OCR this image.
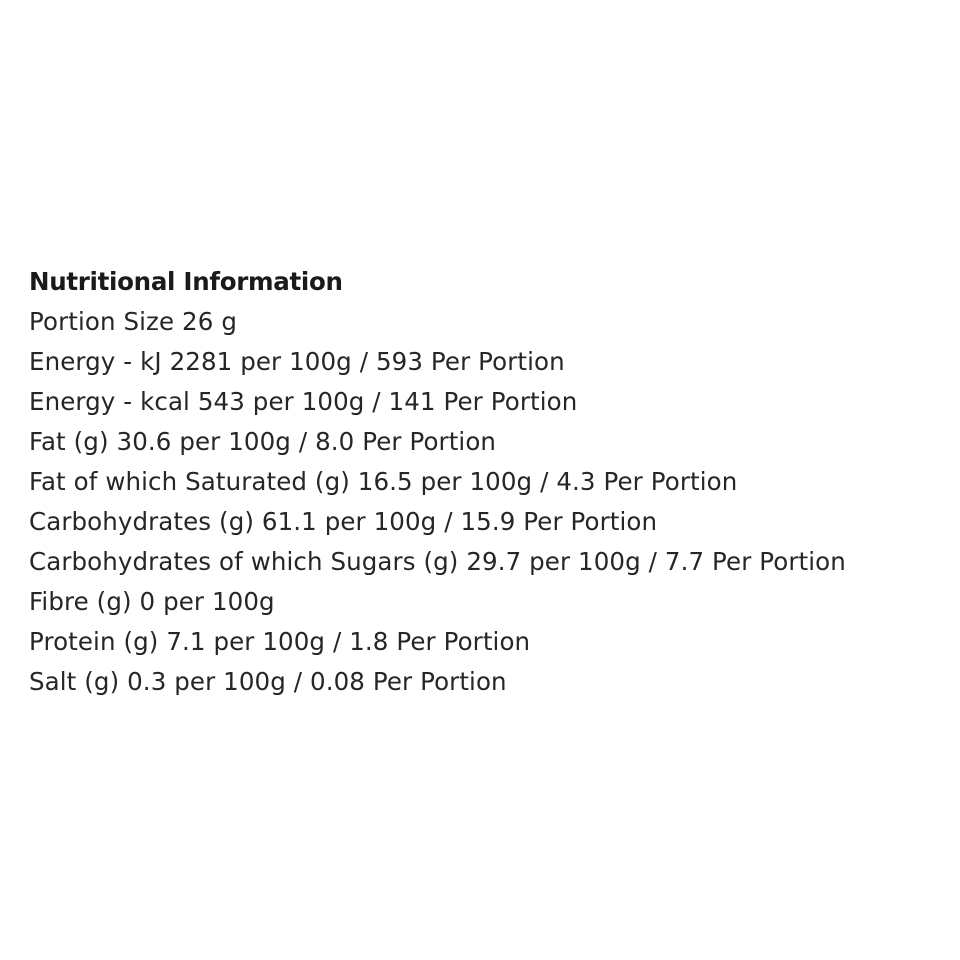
Nutritional Information
Portion Size 26 g
Energy - kJ 2281 per 100g / 593 Per Portion
Energy - kcal 543 per 100g / 141 Per Portion
Fat (g) 30.6 per 100g / 8.0 Per Portion
Fat of which Saturated (g) 16.5 per 100g / 4.3 Per Portion
Carbohydrates (g) 61.1 per 100g / 15.9 Per Portion
Carbohydrates of which Sugars (g) 29.7 per 100g / 7.7 Per Portion
Fibre (g) 0 per 100g
Protein (g) 7.1 per 100g / 1.8 Per Portion
Salt (g) 0.3 per 100g / 0.08 Per Portion
